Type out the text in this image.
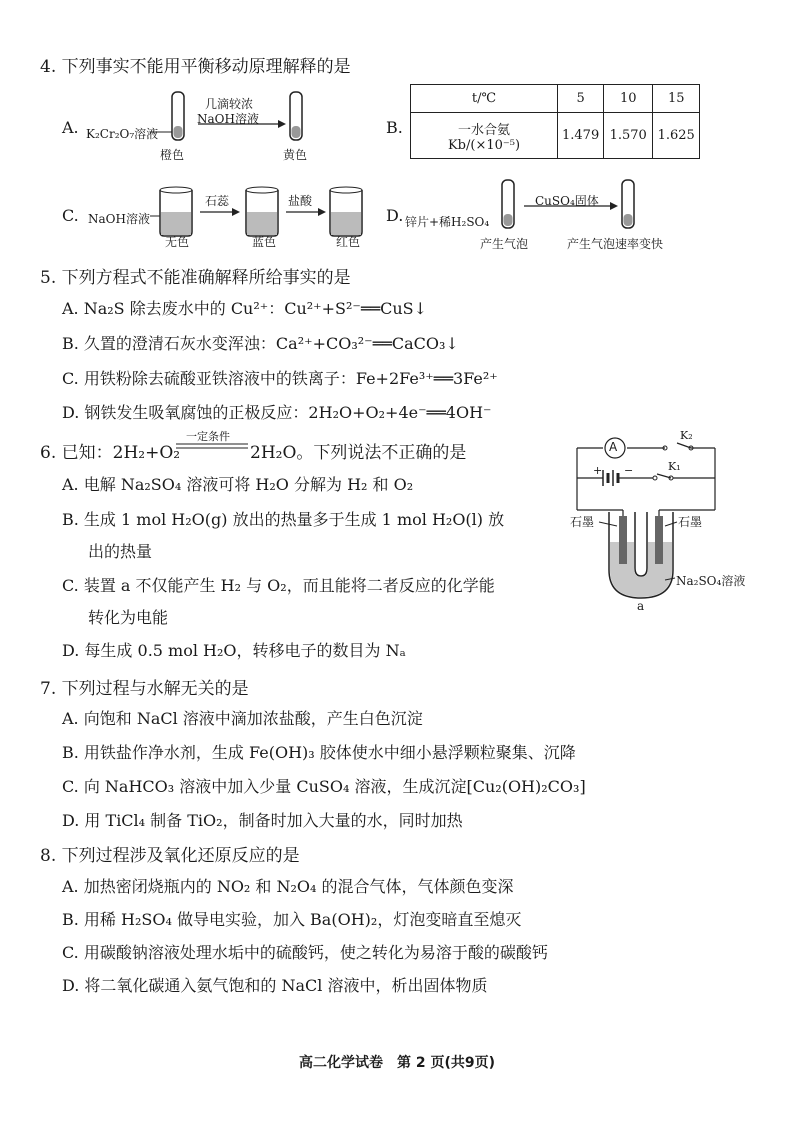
4. 下列事实不能用平衡移动原理解释的是
A. K₂Cr₂O₇溶液
几滴较浓
NaOH溶液
橙色	黄色
B.
t/℃	5	10	15

一水合氨
Kb/(×10⁻⁵)	1.479	1.570	1.625
C. NaOH溶液
石蕊	盐酸
无色	蓝色	红色
D. 锌片+稀H₂SO₄
CuSO₄固体
产生气泡	产生气泡速率变快
5. 下列方程式不能准确解释所给事实的是
A. Na₂S 除去废水中的 Cu²⁺：Cu²⁺+S²⁻══CuS↓
B. 久置的澄清石灰水变浑浊：Ca²⁺+CO₃²⁻══CaCO₃↓
C. 用铁粉除去硫酸亚铁溶液中的铁离子：Fe+2Fe³⁺══3Fe²⁺
D. 钢铁发生吸氧腐蚀的正极反应：2H₂O+O₂+4e⁻══4OH⁻
6. 已知：2H₂+O₂
一定条件
2H₂O。下列说法不正确的是
A. 电解 Na₂SO₄ 溶液可将 H₂O 分解为 H₂ 和 O₂
B. 生成 1 mol H₂O(g) 放出的热量多于生成 1 mol H₂O(l) 放
出的热量
C. 装置 a 不仅能产生 H₂ 与 O₂，而且能将二者反应的化学能
转化为电能
D. 每生成 0.5 mol H₂O，转移电子的数目为 Nₐ
A
K₂
K₁
+ −
石墨	石墨
Na₂SO₄溶液
a
7. 下列过程与水解无关的是
A. 向饱和 NaCl 溶液中滴加浓盐酸，产生白色沉淀
B. 用铁盐作净水剂，生成 Fe(OH)₃ 胶体使水中细小悬浮颗粒聚集、沉降
C. 向 NaHCO₃ 溶液中加入少量 CuSO₄ 溶液，生成沉淀[Cu₂(OH)₂CO₃]
D. 用 TiCl₄ 制备 TiO₂，制备时加入大量的水，同时加热
8. 下列过程涉及氧化还原反应的是
A. 加热密闭烧瓶内的 NO₂ 和 N₂O₄ 的混合气体，气体颜色变深
B. 用稀 H₂SO₄ 做导电实验，加入 Ba(OH)₂，灯泡变暗直至熄灭
C. 用碳酸钠溶液处理水垢中的硫酸钙，使之转化为易溶于酸的碳酸钙
D. 将二氧化碳通入氨气饱和的 NaCl 溶液中，析出固体物质
高二化学试卷　第 2 页(共9页)
